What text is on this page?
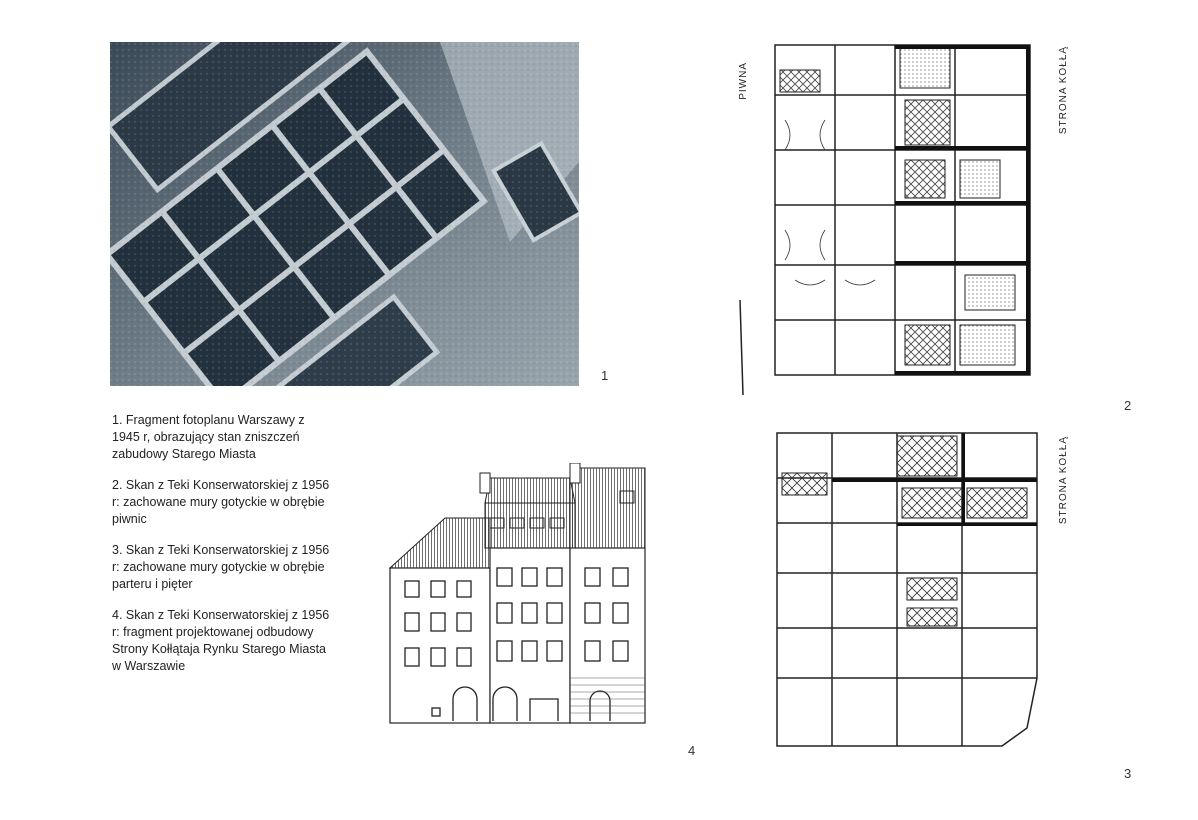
1

1. Fragment fotoplanu Warszawy z 1945 r, obrazujący stan zniszczeń zabudowy Starego Miasta

2. Skan z Teki Konserwatorskiej z 1956 r: zachowane mury gotyckie w obrębie piwnic

3. Skan z Teki Konserwatorskiej z 1956 r: zachowane mury gotyckie w obrębie parteru i pięter

4. Skan z Teki Konserwatorskiej z 1956 r: fragment projektowanej odbudowy Strony Kołłątaja Rynku Starego Miasta w Warszawie

PIWNA	STRONA KOŁŁĄ
2
STRONA KOŁŁĄ
3
4
